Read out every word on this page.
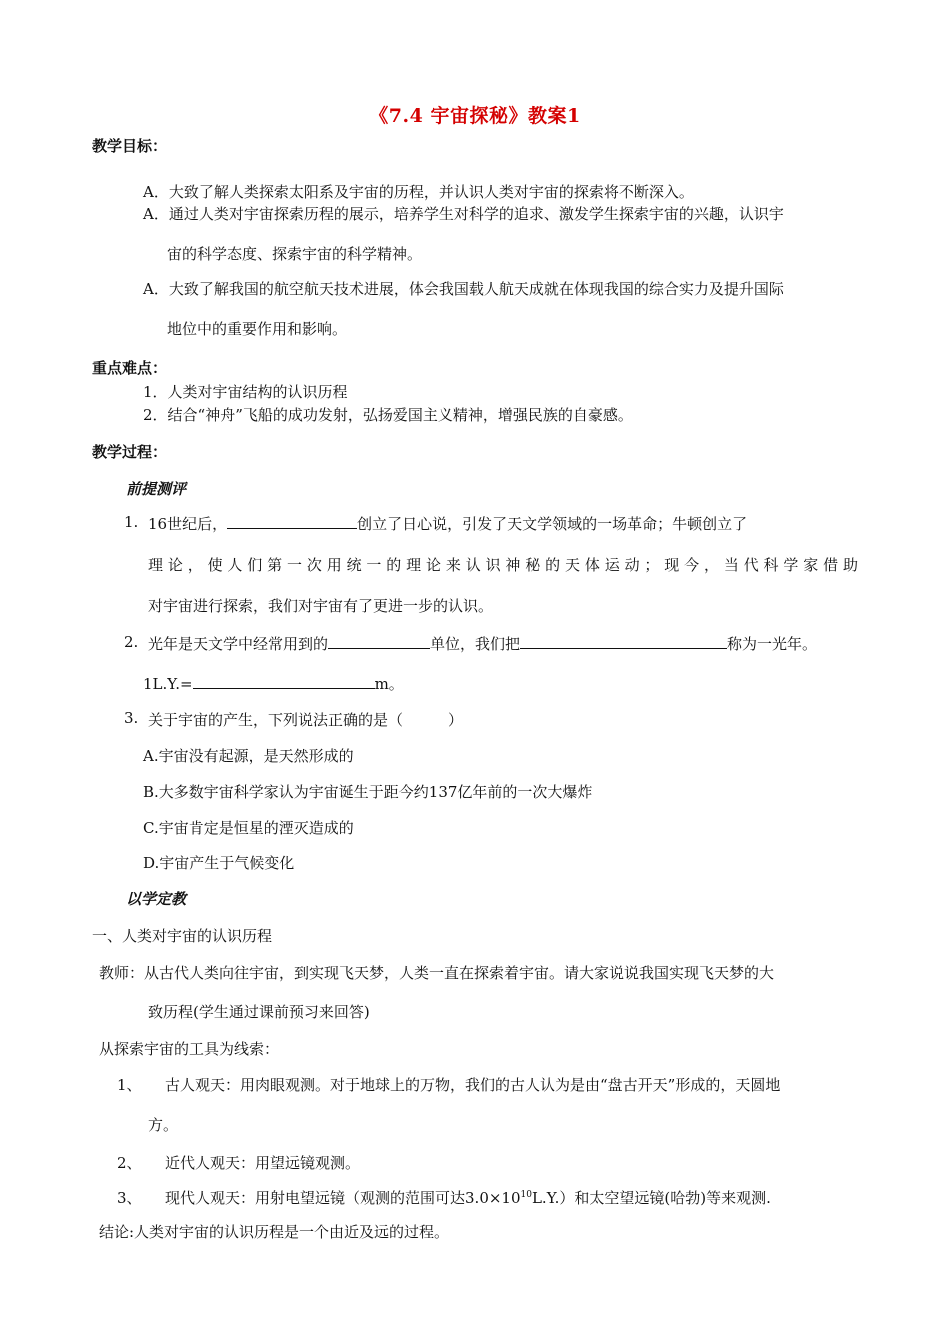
《7.4 宇宙探秘》教案1
教学目标：
A．大致了解人类探索太阳系及宇宙的历程，并认识人类对宇宙的探索将不断深入。
A．通过人类对宇宙探索历程的展示，培养学生对科学的追求、激发学生探索宇宙的兴趣，认识宇
宙的科学态度、探索宇宙的科学精神。
A．大致了解我国的航空航天技术进展，体会我国载人航天成就在体现我国的综合实力及提升国际
地位中的重要作用和影响。
重点难点：
1．人类对宇宙结构的认识历程
2．结合“神舟”飞船的成功发射，弘扬爱国主义精神，增强民族的自豪感。
教学过程：
前提测评
1. 16世纪后，	创立了日心说，引发了天文学领域的一场革命；牛顿创立了
理论，使人们第一次用统一的理论来认识神秘的天体运动；现今，当代科学家借助
对宇宙进行探索，我们对宇宙有了更进一步的认识。
2. 光年是天文学中经常用到的	单位，我们把	称为一光年。
1L.Y.=	m。
3. 关于宇宙的产生，下列说法正确的是（　　　）
A.宇宙没有起源，是天然形成的
B.大多数宇宙科学家认为宇宙诞生于距今约137亿年前的一次大爆炸
C.宇宙肯定是恒星的湮灭造成的
D.宇宙产生于气候变化
以学定教
一、人类对宇宙的认识历程
教师：从古代人类向往宇宙，到实现飞天梦，人类一直在探索着宇宙。请大家说说我国实现飞天梦的大
致历程(学生通过课前预习来回答)
从探索宇宙的工具为线索：
1、 古人观天：用肉眼观测。对于地球上的万物，我们的古人认为是由“盘古开天”形成的，天圆地
方。
2、 近代人观天：用望远镜观测。
3、 现代人观天：用射电望远镜（观测的范围可达$3.0\times 10^{10}L.Y$.）和太空望远镜(哈勃)等来观测.
结论:人类对宇宙的认识历程是一个由近及远的过程。
